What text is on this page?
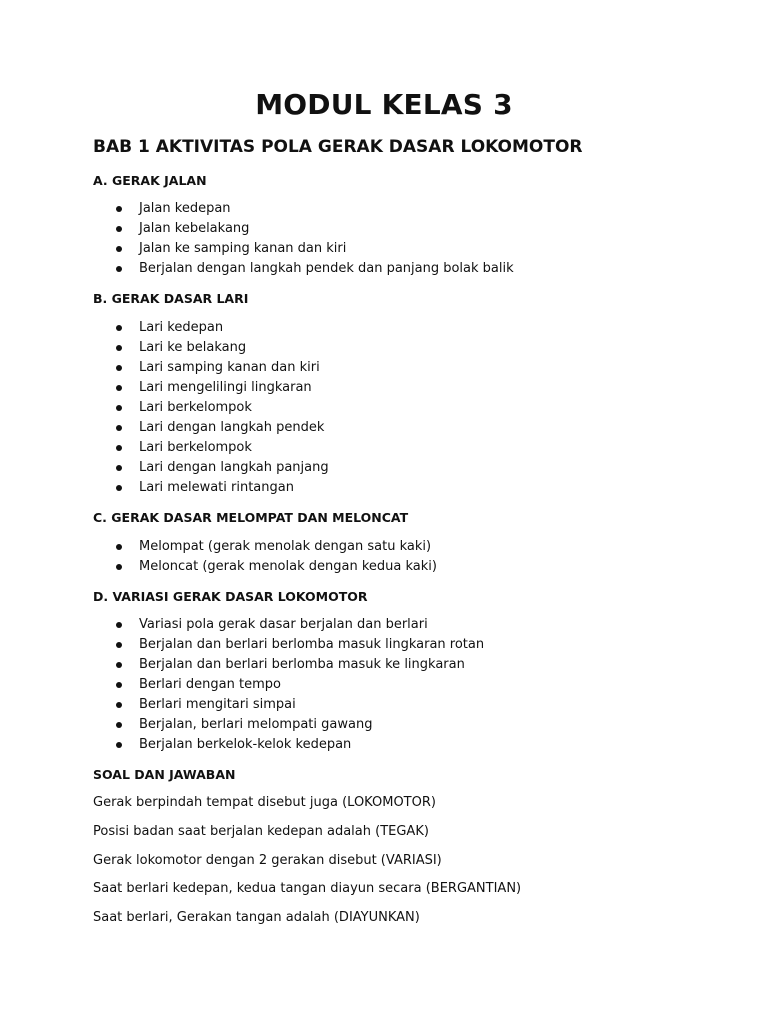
MODUL KELAS 3
BAB 1 AKTIVITAS POLA GERAK DASAR LOKOMOTOR
A. GERAK JALAN
Jalan kedepan
Jalan kebelakang
Jalan ke samping kanan dan kiri
Berjalan dengan langkah pendek dan panjang bolak balik
B. GERAK DASAR LARI
Lari kedepan
Lari ke belakang
Lari samping kanan dan kiri
Lari mengelilingi lingkaran
Lari berkelompok
Lari dengan langkah pendek
Lari berkelompok
Lari dengan langkah panjang
Lari melewati rintangan
C. GERAK DASAR MELOMPAT DAN MELONCAT
Melompat (gerak menolak dengan satu kaki)
Meloncat (gerak menolak dengan kedua kaki)
D. VARIASI GERAK DASAR LOKOMOTOR
Variasi pola gerak dasar berjalan dan berlari
Berjalan dan berlari berlomba masuk lingkaran rotan
Berjalan dan berlari berlomba masuk ke lingkaran
Berlari dengan tempo
Berlari mengitari simpai
Berjalan, berlari melompati gawang
Berjalan berkelok-kelok kedepan
SOAL DAN JAWABAN

Gerak berpindah tempat disebut juga (LOKOMOTOR)

Posisi badan saat berjalan kedepan adalah (TEGAK)

Gerak lokomotor dengan 2 gerakan disebut (VARIASI)

Saat berlari kedepan, kedua tangan diayun secara (BERGANTIAN)

Saat berlari, Gerakan tangan adalah (DIAYUNKAN)
